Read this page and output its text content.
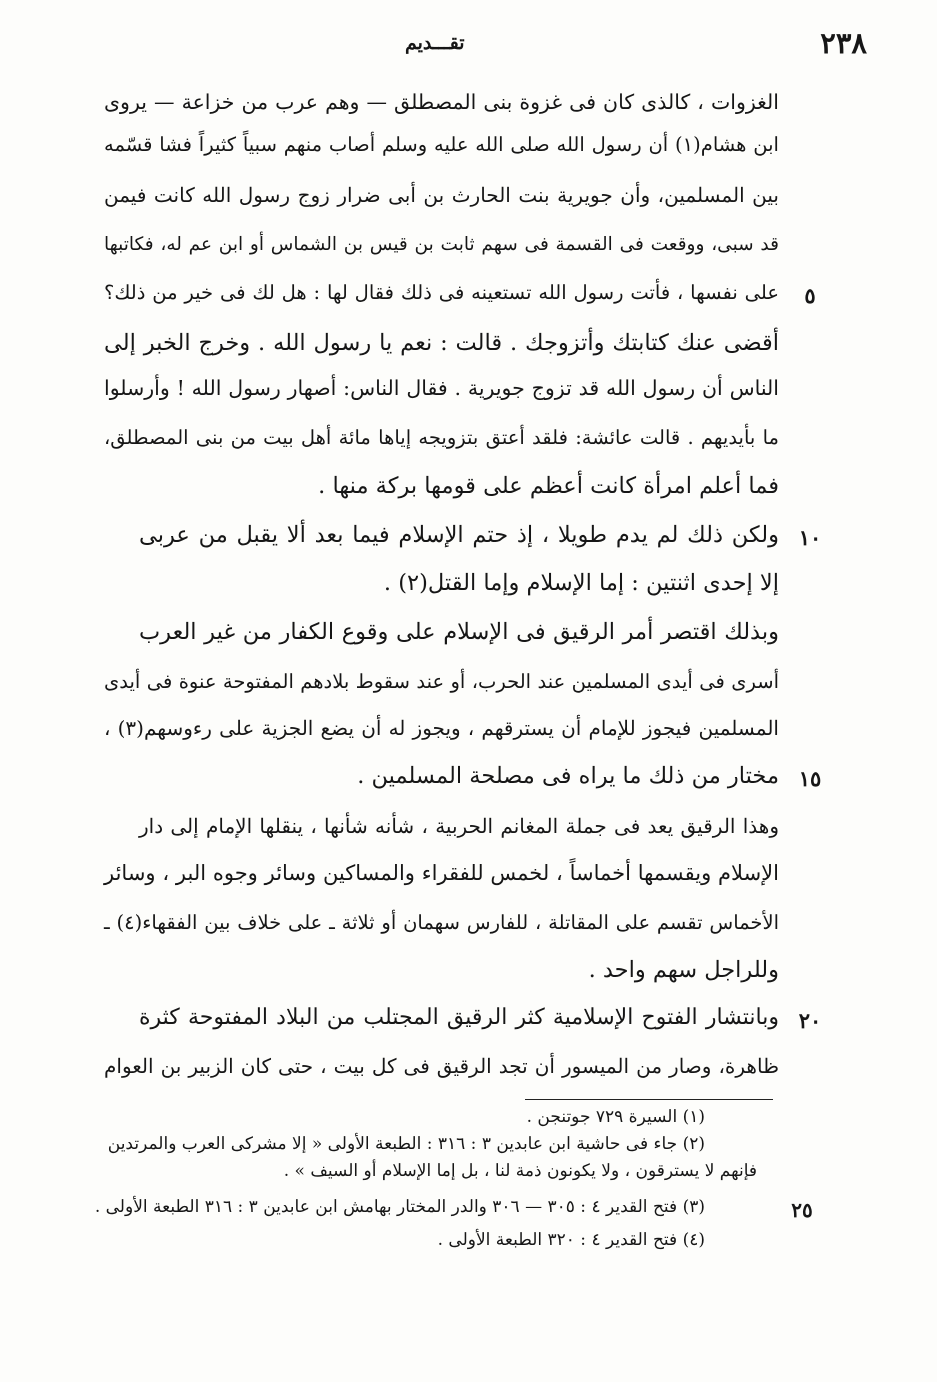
٢٣٨
تقـــديم
الغزوات ، كالذى كان فى غزوة بنى المصطلق — وهم عرب من خزاعة — يروى
ابن هشام(١) أن رسول الله صلى الله عليه وسلم أصاب منهم سبياً كثيراً فشا قسّمه
بين المسلمين، وأن جويرية بنت الحارث بن أبى ضرار زوج رسول الله كانت فيمن
قد سبى، ووقعت فى القسمة فى سهم ثابت بن قيس بن الشماس أو ابن عم له، فكاتبها
على نفسها ، فأتت رسول الله تستعينه فى ذلك فقال لها : هل لك فى خير من ذلك؟
أقضى عنك كتابتك وأتزوجك . قالت : نعم يا رسول الله . وخرج الخبر إلى
الناس أن رسول الله قد تزوج جويرية . فقال الناس: أصهار رسول الله ! وأرسلوا
ما بأيديهم . قالت عائشة: فلقد أعتق بتزويجه إياها مائة أهل بيت من بنى المصطلق،
فما أعلم امرأة كانت أعظم على قومها بركة منها .
ولكن ذلك لم يدم طويلا ، إذ حتم الإسلام فيما بعد ألا يقبل من عربى
إلا إحدى اثنتين : إما الإسلام وإما القتل(٢) .
وبذلك اقتصر أمر الرقيق فى الإسلام على وقوع الكفار من غير العرب
أسرى فى أيدى المسلمين عند الحرب، أو عند سقوط بلادهم المفتوحة عنوة فى أيدى
المسلمين فيجوز للإمام أن يسترقهم ، ويجوز له أن يضع الجزية على رءوسهم(٣) ،
مختار من ذلك ما يراه فى مصلحة المسلمين .
وهذا الرقيق يعد فى جملة المغانم الحربية ، شأنه شأنها ، ينقلها الإمام إلى دار
الإسلام ويقسمها أخماساً ، لخمس للفقراء والمساكين وسائر وجوه البر ، وسائر
الأخماس تقسم على المقاتلة ، للفارس سهمان أو ثلاثة ـ على خلاف بين الفقهاء(٤) ـ
وللراجل سهم واحد .
وبانتشار الفتوح الإسلامية كثر الرقيق المجتلب من البلاد المفتوحة كثرة
ظاهرة، وصار من الميسور أن تجد الرقيق فى كل بيت ، حتى كان الزبير بن العوام
٥
١٠
١٥
٢٠
(١) السيرة ٧٢٩ جوتنجن .
(٢) جاء فى حاشية ابن عابدين ٣ : ٣١٦ : الطبعة الأولى « إلا مشركى العرب والمرتدين
فإنهم لا يسترقون ، ولا يكونون ذمة لنا ، بل إما الإسلام أو السيف » .
(٣) فتح القدير ٤ : ٣٠٥ — ٣٠٦ والدر المختار بهامش ابن عابدين ٣ : ٣١٦ الطبعة الأولى .
(٤) فتح القدير ٤ : ٣٢٠ الطبعة الأولى .
٢٥
